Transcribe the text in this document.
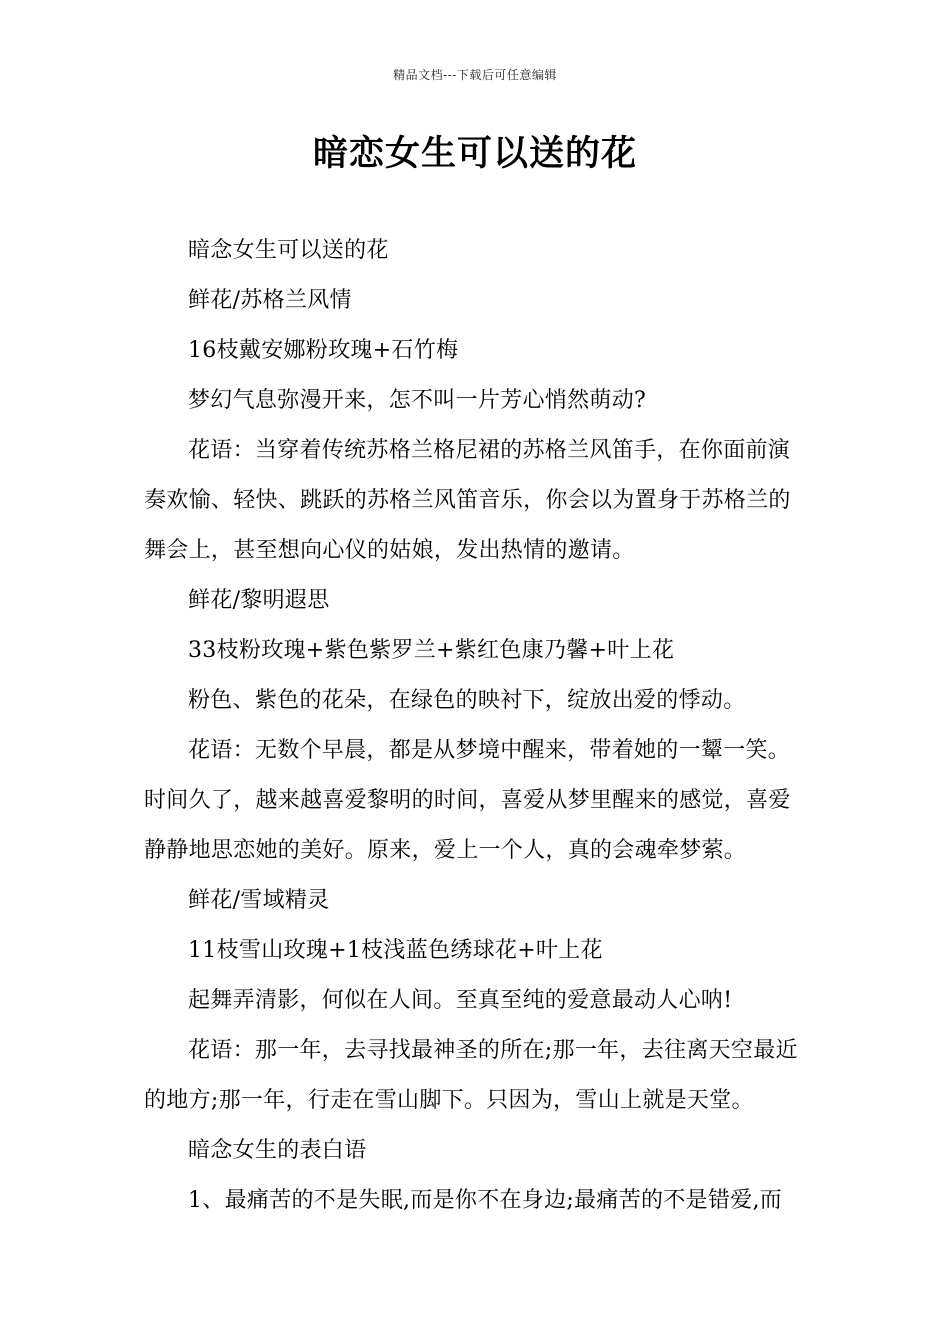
精品文档---下载后可任意编辑
暗恋女生可以送的花

暗念女生可以送的花

鲜花/苏格兰风情

16枝戴安娜粉玫瑰+石竹梅

梦幻气息弥漫开来，怎不叫一片芳心悄然萌动?

花语：当穿着传统苏格兰格尼裙的苏格兰风笛手，在你面前演奏欢愉、轻快、跳跃的苏格兰风笛音乐，你会以为置身于苏格兰的舞会上，甚至想向心仪的姑娘，发出热情的邀请。

鲜花/黎明遐思

33枝粉玫瑰+紫色紫罗兰+紫红色康乃馨+叶上花

粉色、紫色的花朵，在绿色的映衬下，绽放出爱的悸动。

花语：无数个早晨，都是从梦境中醒来，带着她的一颦一笑。时间久了，越来越喜爱黎明的时间，喜爱从梦里醒来的感觉，喜爱静静地思恋她的美好。原来，爱上一个人，真的会魂牵梦萦。

鲜花/雪域精灵

11枝雪山玫瑰+1枝浅蓝色绣球花+叶上花

起舞弄清影，何似在人间。至真至纯的爱意最动人心呐!

花语：那一年，去寻找最神圣的所在;那一年，去往离天空最近的地方;那一年，行走在雪山脚下。只因为，雪山上就是天堂。

暗念女生的表白语

1、最痛苦的不是失眠,而是你不在身边;最痛苦的不是错爱,而
